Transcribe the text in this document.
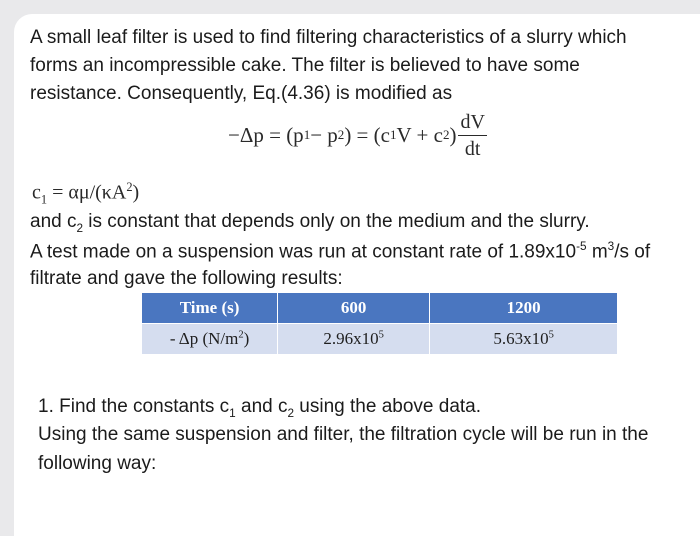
A small leaf filter is used to find filtering characteristics of a slurry which

forms an incompressible cake. The filter is believed to have some

resistance. Consequently, Eq.(4.36) is modified as

−Δp = (p 1 − p 2 ) = (c 1 V + c 2 ) $\frac{dV}{dt}$
$c_1 = \alpha\mu/(\kappa A^2)$

and $c_2$ is constant that depends only on the medium and the slurry.

A test made on a suspension was run at constant rate of $1.89x10^{-5}$ $m^3/s$ of

filtrate and gave the following results:

Time (s)	600	1200
- Δp $(N/m^2)$	$2.96x10^5$	$5.63x10^5$

1. Find the constants $c_1$ and $c_2$ using the above data.

Using the same suspension and filter, the filtration cycle will be run in the

following way:
